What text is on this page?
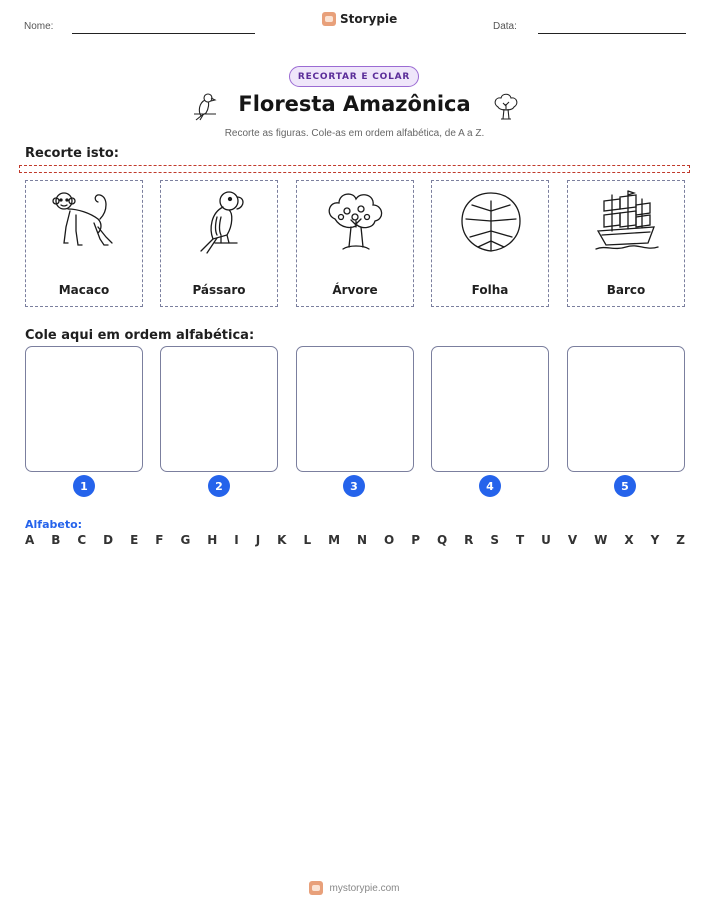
Nome:
Storypie
Data:
RECORTAR E COLAR
Floresta Amazônica
Recorte as figuras. Cole-as em ordem alfabética, de A a Z.
Recorte isto:
Macaco	Pássaro	Árvore	Folha	Barco
Cole aqui em ordem alfabética:
1	2	3	4	5
Alfabeto:
A B C D E F G H I J K L M N O P Q R S T U V W X Y Z
mystorypie.com
